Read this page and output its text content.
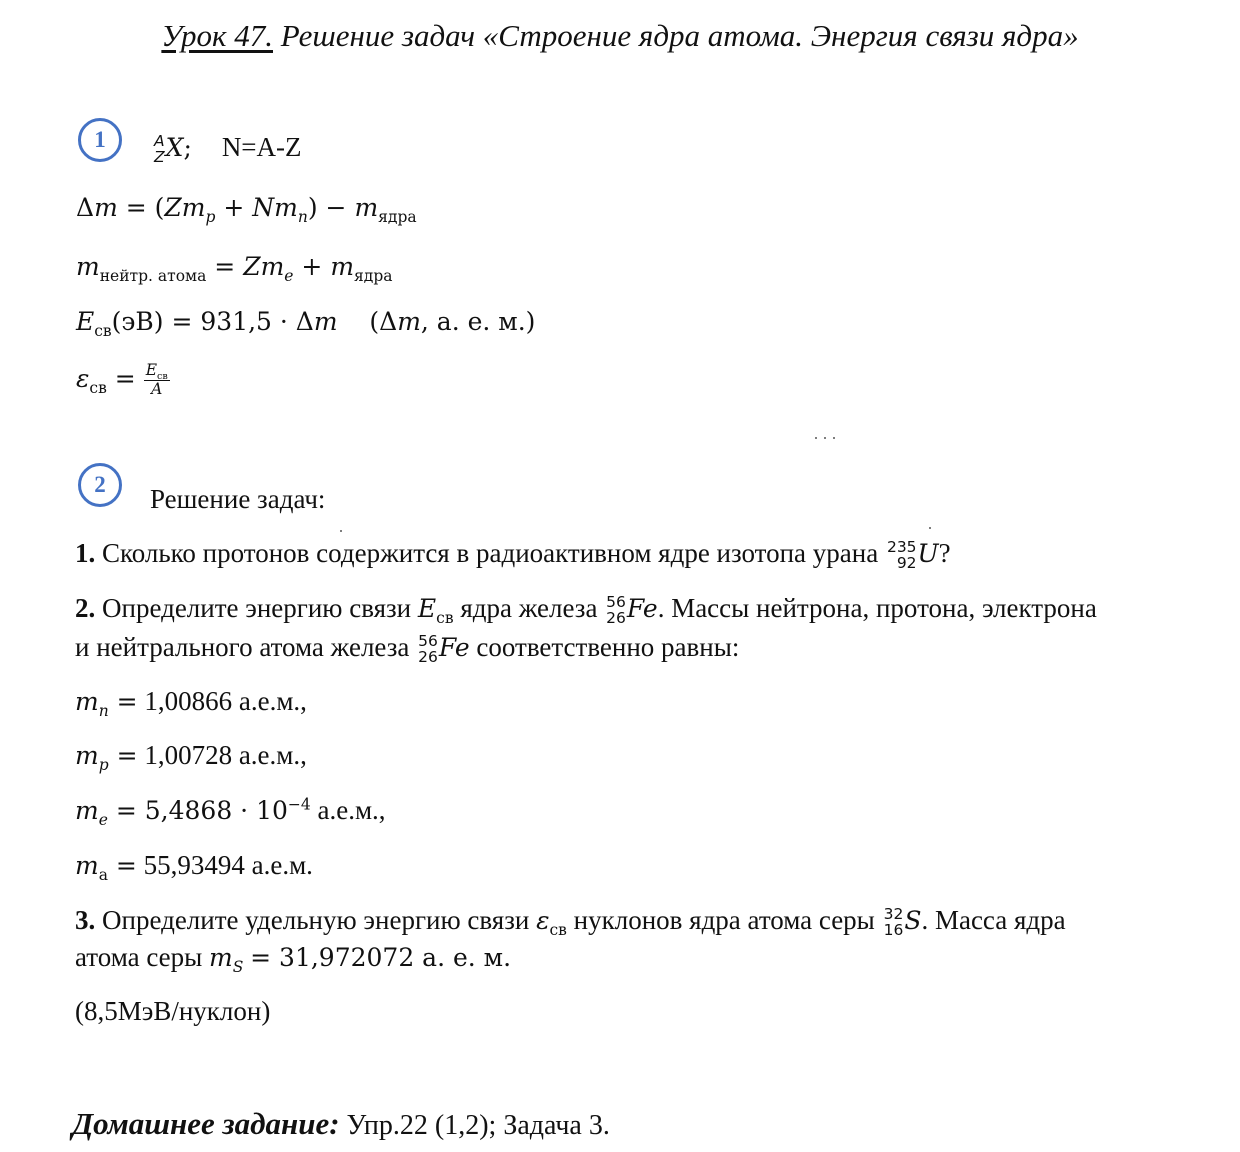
Урок 47. Решение задач «Строение ядра атома. Энергия связи ядра»
1	A
Z X; N=A-Z
$\Delta m = (Zm_p + Nm_n) - m_{ядра}$
$m_{нейтр. атома} = Zm_e + m_{ядра}$
$E_{св}(эВ) = 931,5 \cdot \Delta m$    (Δm, а. е. м.)
$\varepsilon_{св} = \frac{E_{св}}{A}$
2	Решение задач:
1. Сколько протонов содержится в радиоактивном ядре изотопа урана 235
92 U?
2. Определите энергию связи $E_{св}$ ядра железа 56
26 Fe. Массы нейтрона, протона, электрона
и нейтрального атома железа 56
26 Fe соответственно равны:
$m_n = 1,00866$ а.е.м.,
$m_p = 1,00728$ а.е.м.,
$m_e = 5,4868 \cdot 10^{-4}$ а.е.м.,
$m_а = 55,93494$ а.е.м.
3. Определите удельную энергию связи $\varepsilon_{св}$ нуклонов ядра атома серы 32
16 S. Масса ядра
атома серы $m_S = 31,972072$ а. е. м.
(8,5МэВ/нуклон)
Домашнее задание: Упр.22 (1,2); Задача 3.
